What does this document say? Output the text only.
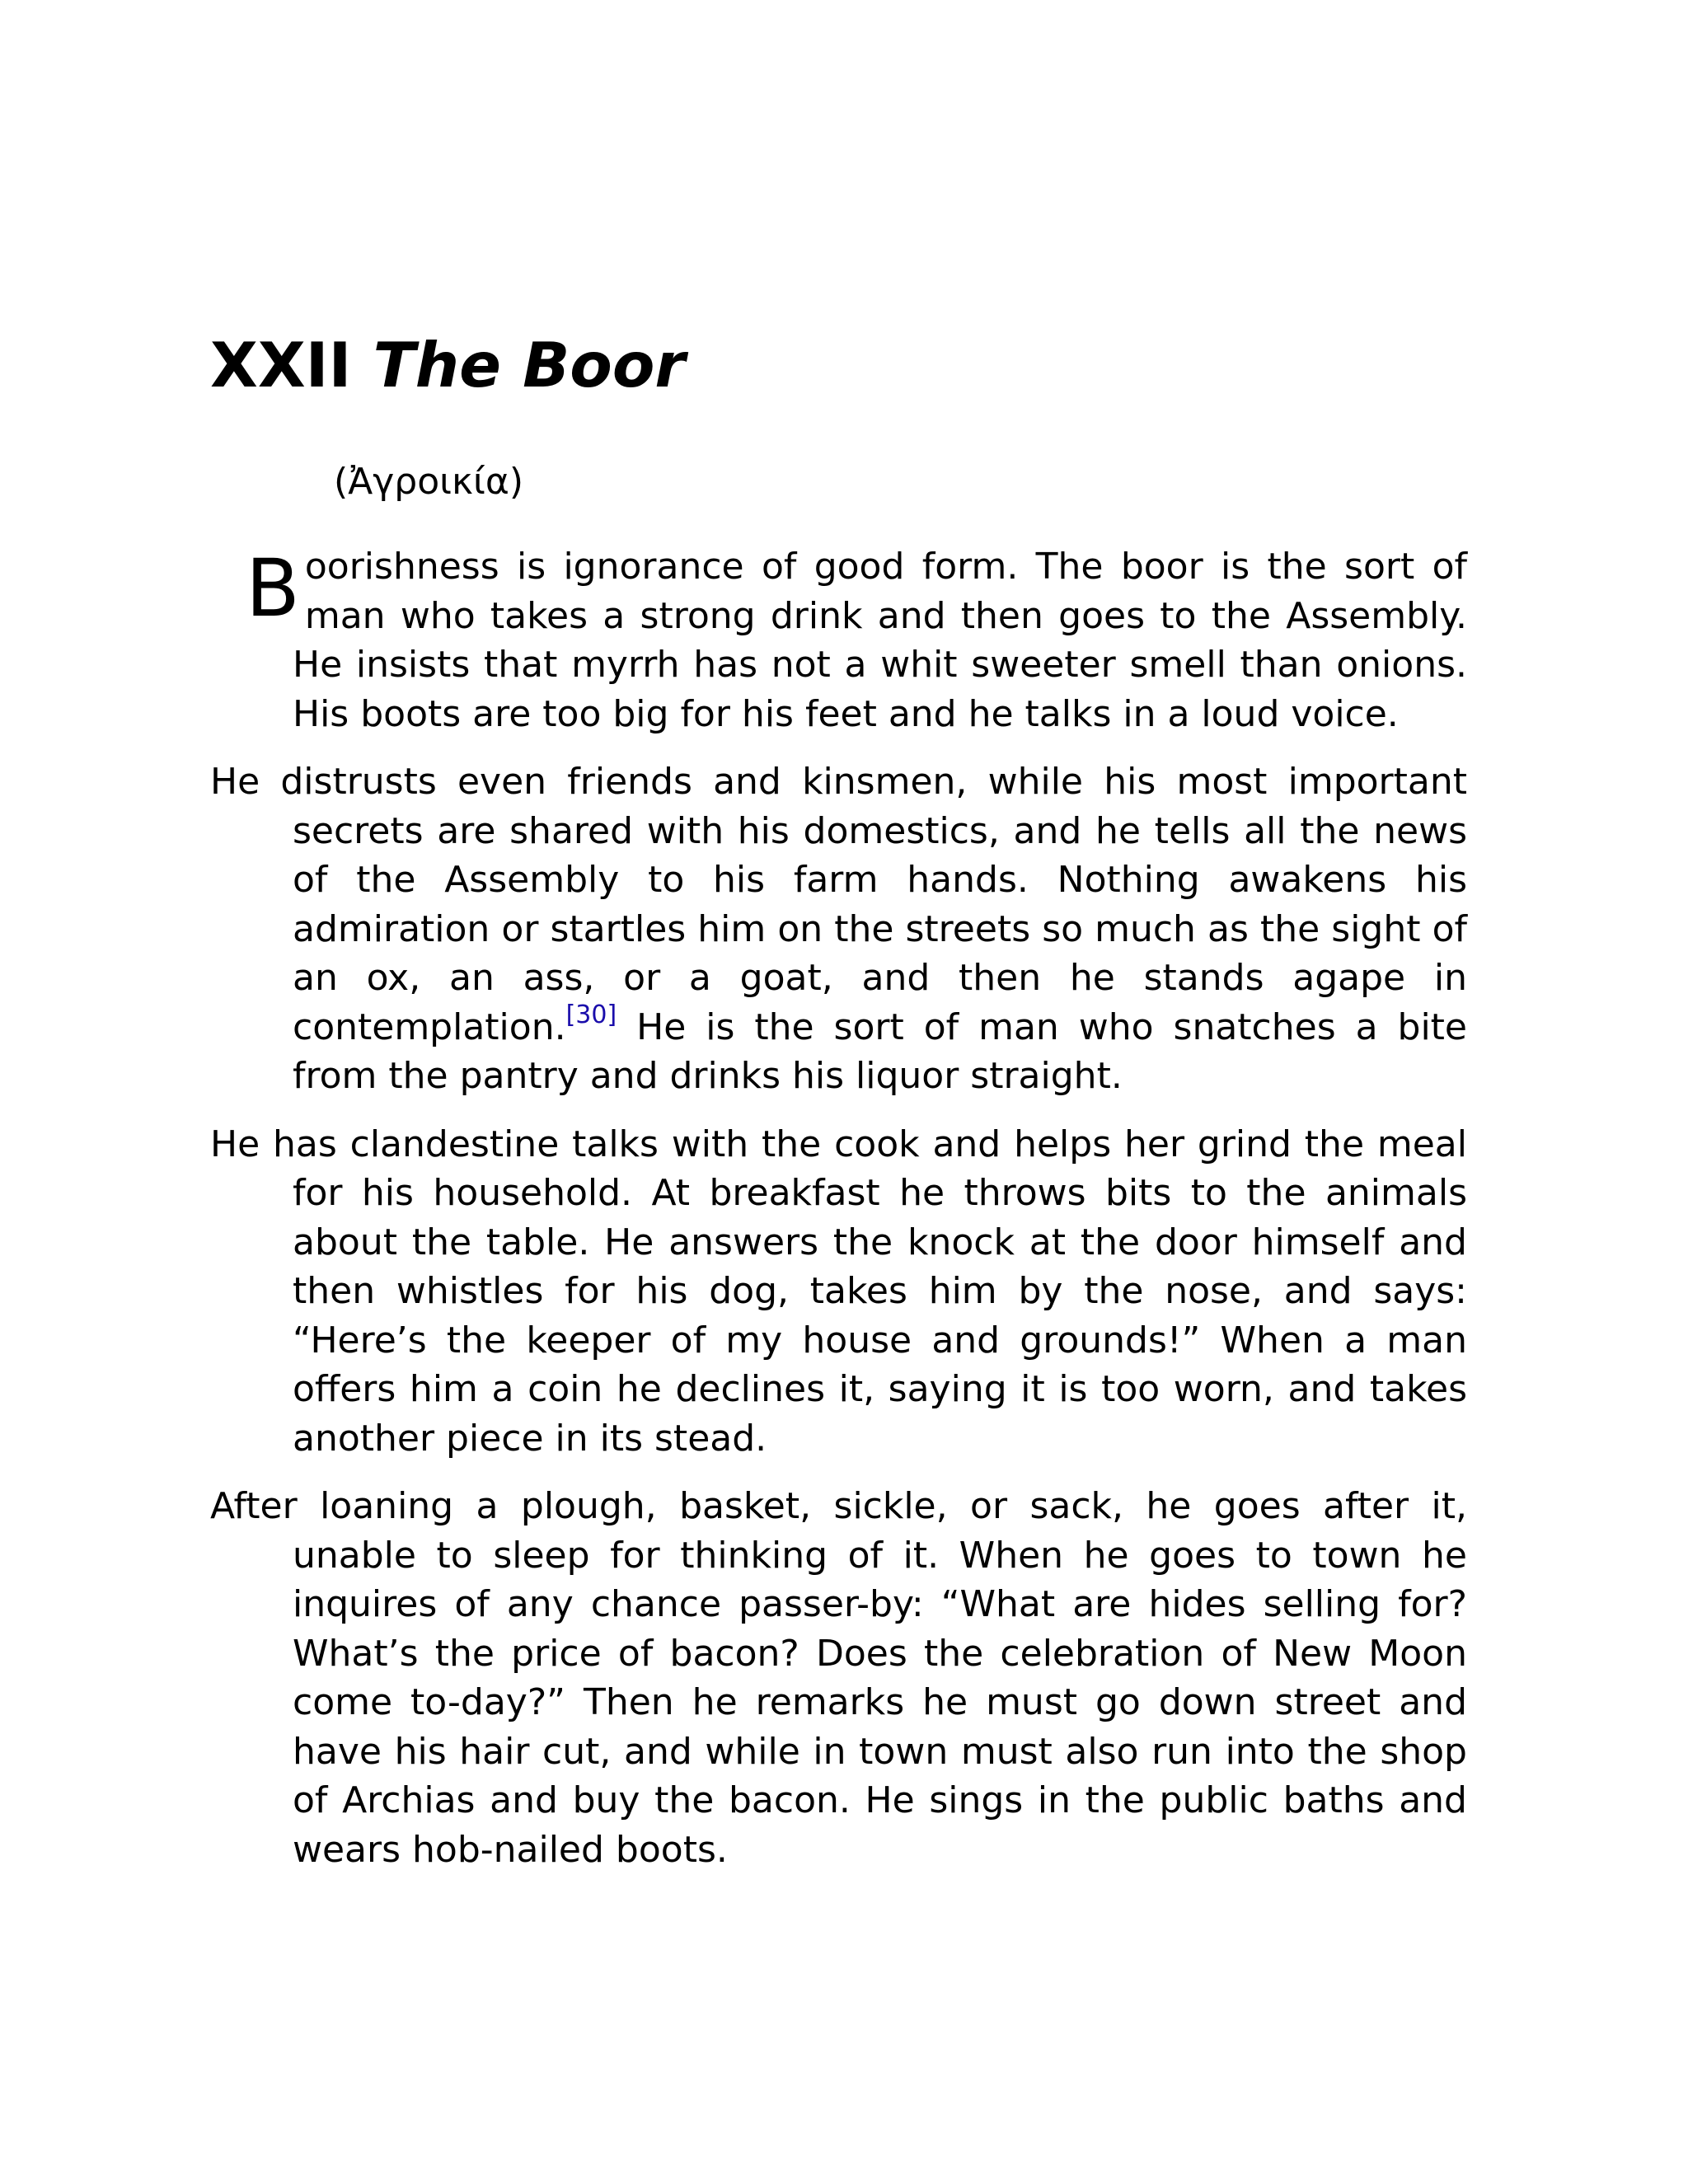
XXII The Boor

(Ἀγροικία)

Boorishness is ignorance of good form. The boor is the sort of man who takes a strong drink and then goes to the Assembly. He insists that myrrh has not a whit sweeter smell than onions. His boots are too big for his feet and he talks in a loud voice.

He distrusts even friends and kinsmen, while his most important secrets are shared with his domestics, and he tells all the news of the Assembly to his farm hands. Nothing awakens his admiration or startles him on the streets so much as the sight of an ox, an ass, or a goat, and then he stands agape in contemplation.[30] He is the sort of man who snatches a bite from the pantry and drinks his liquor straight.

He has clandestine talks with the cook and helps her grind the meal for his household. At breakfast he throws bits to the animals about the table. He answers the knock at the door himself and then whistles for his dog, takes him by the nose, and says: “Here’s the keeper of my house and grounds!” When a man offers him a coin he declines it, saying it is too worn, and takes another piece in its stead.

After loaning a plough, basket, sickle, or sack, he goes after it, unable to sleep for thinking of it. When he goes to town he inquires of any chance passer-by: “What are hides selling for? What’s the price of bacon? Does the celebration of New Moon come to-day?” Then he remarks he must go down street and have his hair cut, and while in town must also run into the shop of Archias and buy the bacon. He sings in the public baths and wears hob-nailed boots.
